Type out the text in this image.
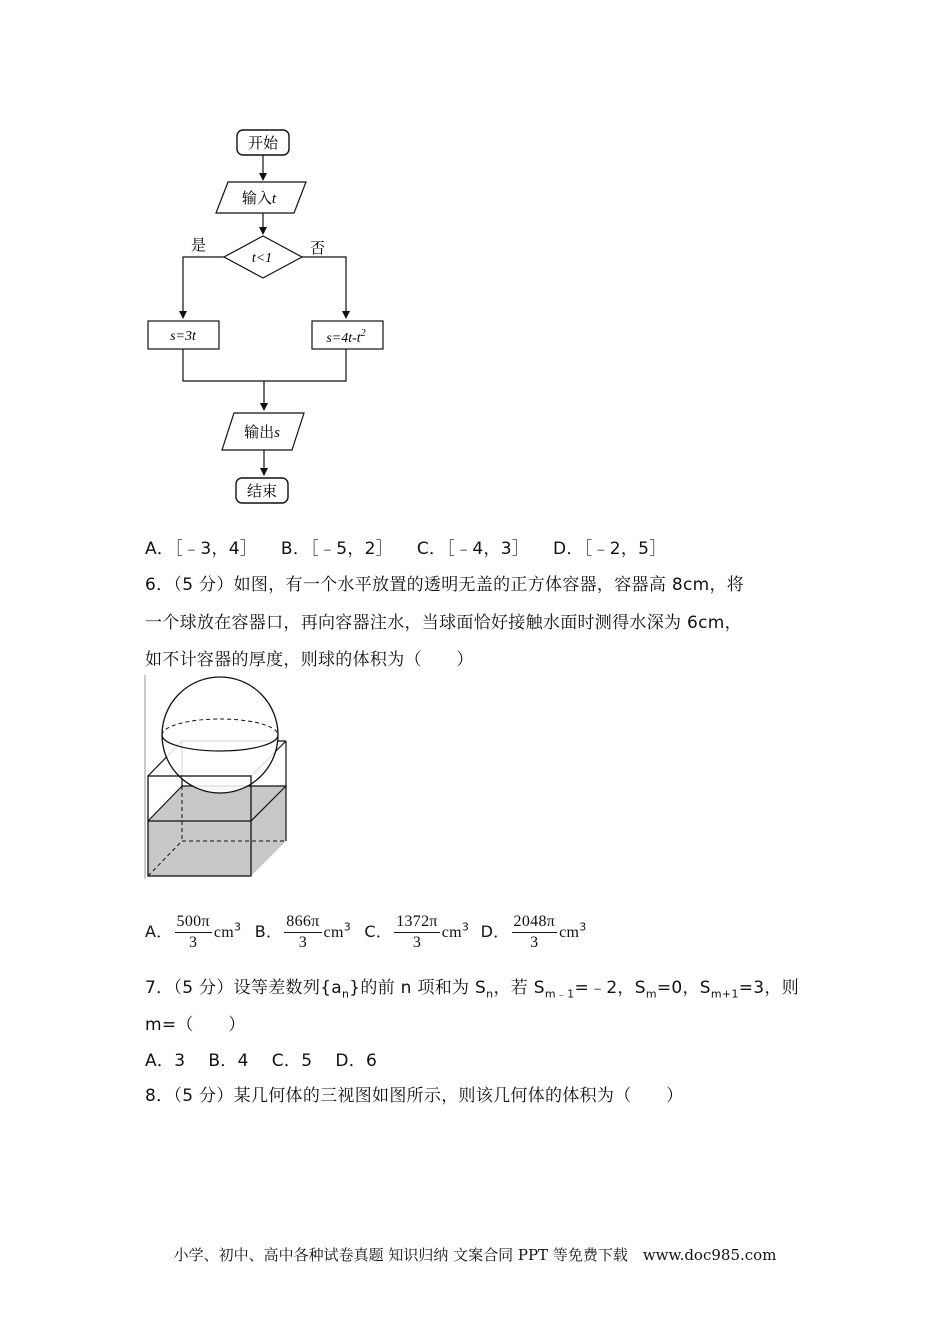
开始
输入t
t<1
是	否
s=3t	$s=4t-t^2$
输出s
结束
A．［﹣3，4］ B．［﹣5，2］ C．［﹣4，3］ D．［﹣2，5］
6．（5 分）如图，有一个水平放置的透明无盖的正方体容器，容器高 8cm，将
一个球放在容器口，再向容器注水，当球面恰好接触水面时测得水深为 6cm，
如不计容器的厚度，则球的体积为（　　）
A． $\frac{500\pi}{3} cm^3$ B． $\frac{866\pi}{3} cm^3$ C． $\frac{1372\pi}{3} cm^3$ D． $\frac{2048\pi}{3} cm^3$
7．（5 分）设等差数列$\{a_n\}$的前 n 项和为 $S_n$，若 $S_{m﹣1}=﹣2$，$S_m=0$，$S_{m+1}=3$，则
m=（　　）
A．3　 B．4　 C．5　 D．6
8．（5 分）某几何体的三视图如图所示，则该几何体的体积为（　　）
小学、初中、高中各种试卷真题 知识归纳 文案合同 PPT 等免费下载　www.doc985.com
